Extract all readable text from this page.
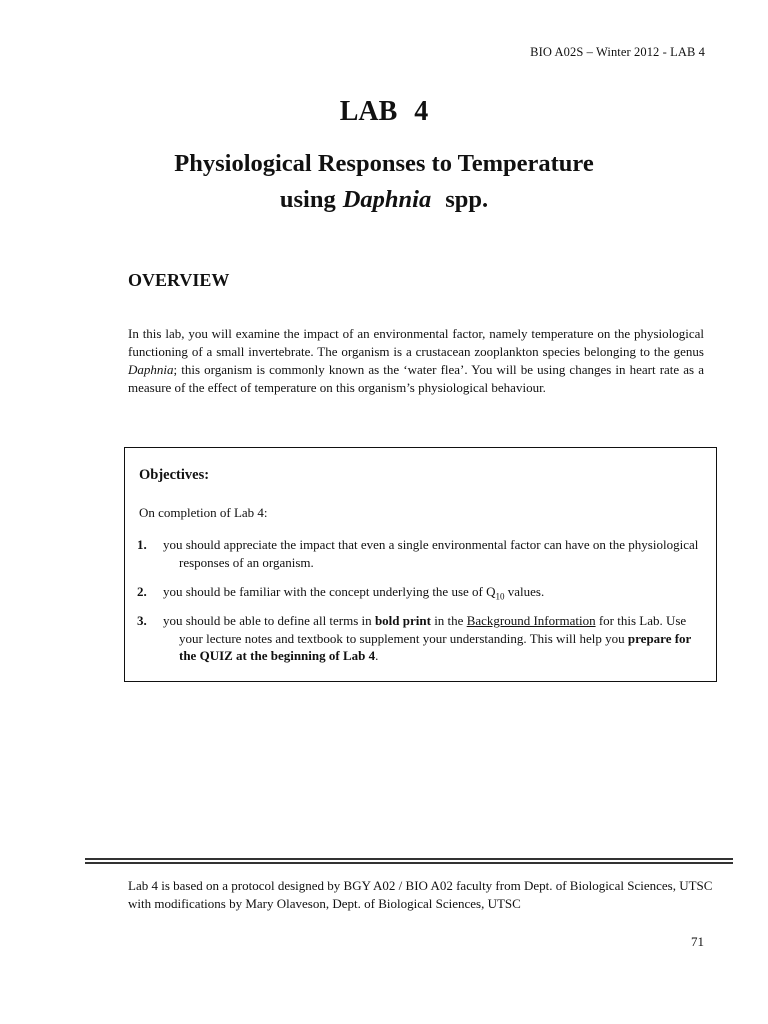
BIO A02S – Winter 2012 - LAB 4
LAB 4
Physiological Responses to Temperature
using Daphnia spp.
OVERVIEW

In this lab, you will examine the impact of an environmental factor, namely temperature on the physiological functioning of a small invertebrate. The organism is a crustacean zooplankton species belonging to the genus Daphnia; this organism is commonly known as the ‘water flea’. You will be using changes in heart rate as a measure of the effect of temperature on this organism’s physiological behaviour.

Objectives:
On completion of Lab 4:
1. you should appreciate the impact that even a single environmental factor can have on the physiological responses of an organism.
2. you should be familiar with the concept underlying the use of $Q_{10}$ values.
3. you should be able to define all terms in bold print in the Background Information for this Lab. Use your lecture notes and textbook to supplement your understanding. This will help you prepare for the QUIZ at the beginning of Lab 4.
Lab 4 is based on a protocol designed by BGY A02 / BIO A02 faculty from Dept. of Biological Sciences, UTSC with modifications by Mary Olaveson, Dept. of Biological Sciences, UTSC
71
